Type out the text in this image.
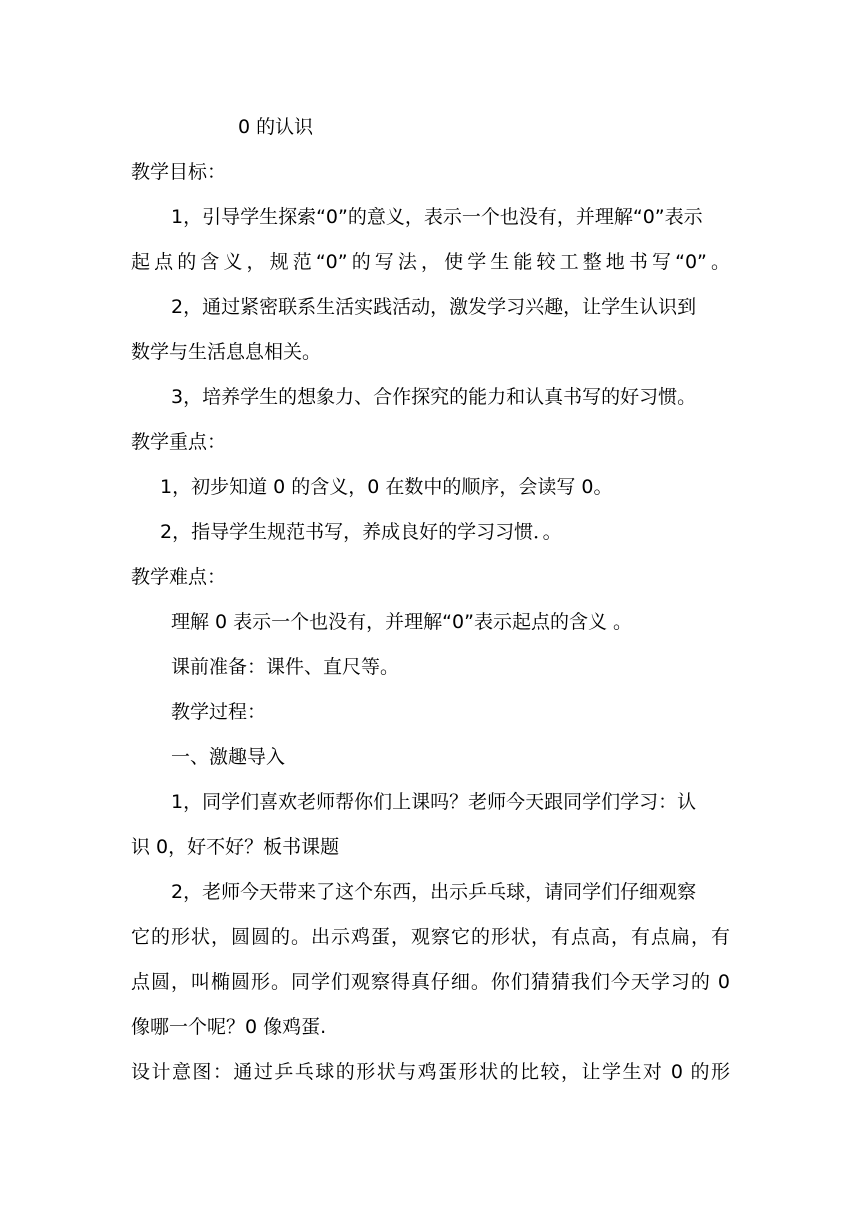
0 的认识

教学目标：

1，引导学生探索“0”的意义，表示一个也没有，并理解“0”表示

起点的含义，规范“0”的写法，使学生能较工整地书写“0”。

2，通过紧密联系生活实践活动，激发学习兴趣，让学生认识到

数学与生活息息相关。

3，培养学生的想象力、合作探究的能力和认真书写的好习惯。

教学重点：

1，初步知道 0 的含义，0 在数中的顺序，会读写 0。

2，指导学生规范书写，养成良好的学习习惯．。

教学难点：

理解 0 表示一个也没有，并理解“0”表示起点的含义 。

课前准备：课件、直尺等。

教学过程：

一、激趣导入

1，同学们喜欢老师帮你们上课吗？老师今天跟同学们学习：认

识 0，好不好？板书课题

2，老师今天带来了这个东西，出示乒乓球，请同学们仔细观察

它的形状，圆圆的。出示鸡蛋，观察它的形状，有点高，有点扁，有

点圆，叫椭圆形。同学们观察得真仔细。你们猜猜我们今天学习的 0

像哪一个呢？0 像鸡蛋.

设计意图：通过乒乓球的形状与鸡蛋形状的比较，让学生对 0 的形
